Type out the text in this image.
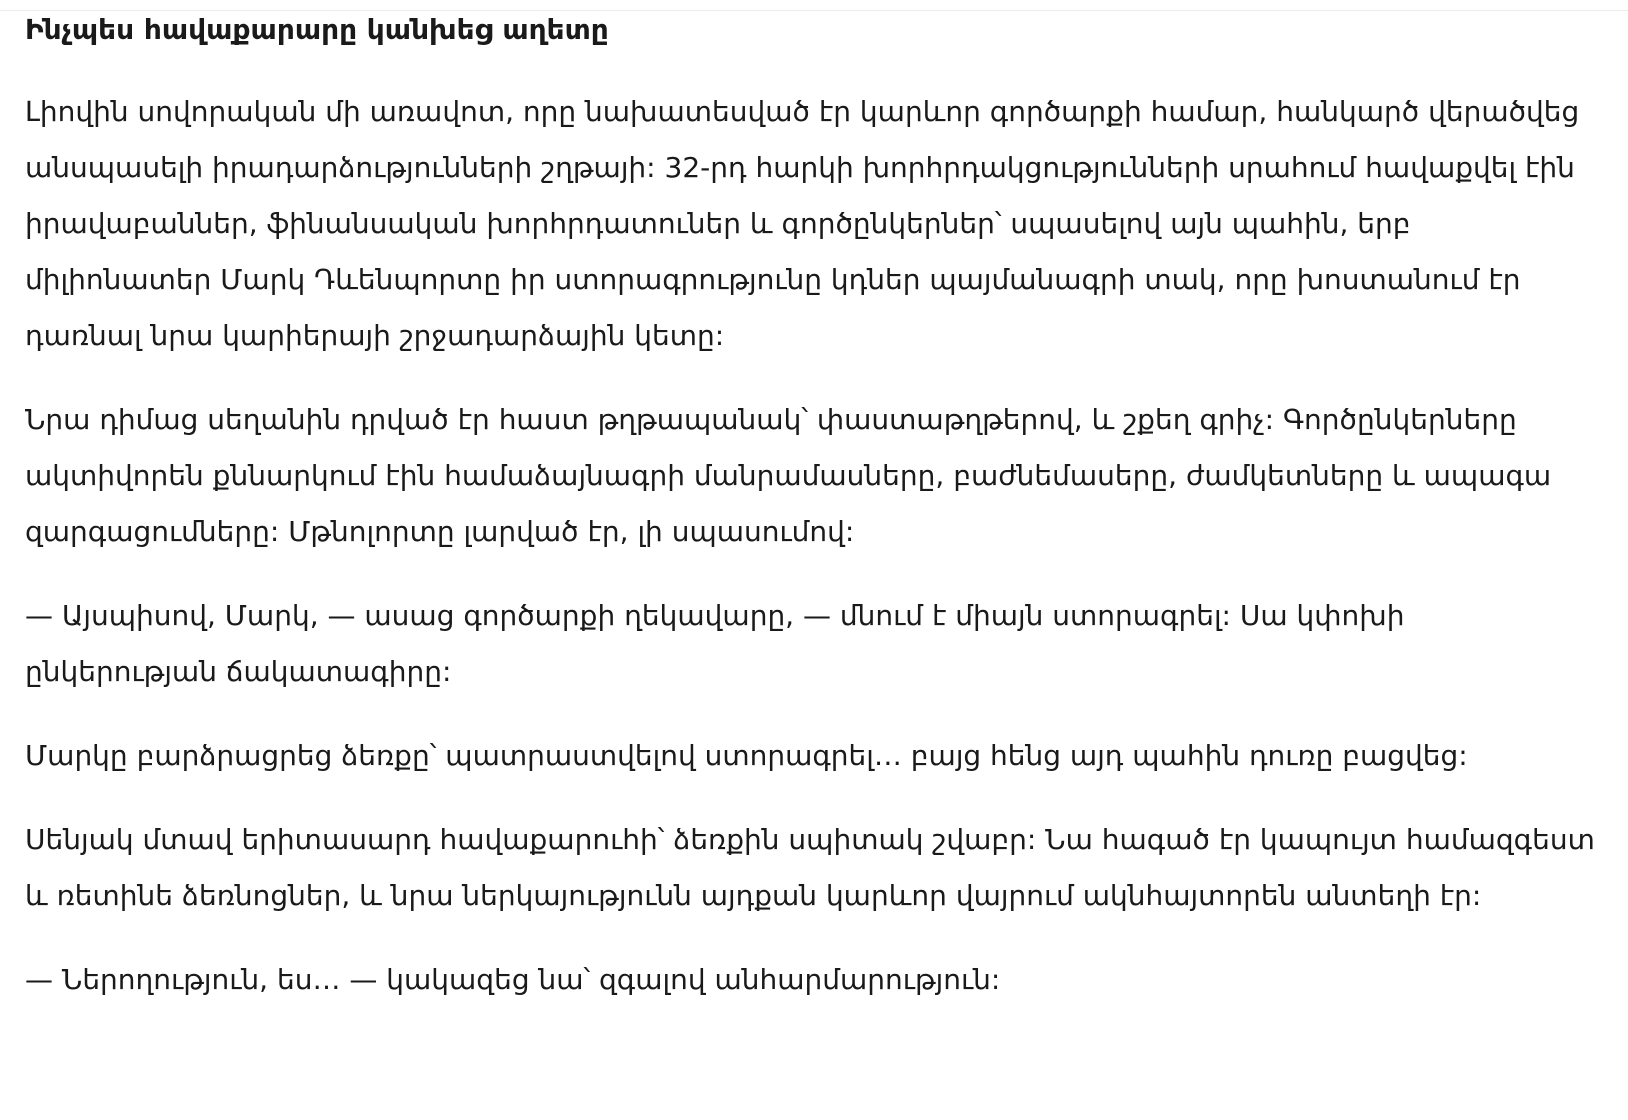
Ինչպես հավաքարարը կանխեց աղետը

Լիովին սովորական մի առավոտ, որը նախատեսված էր կարևոր գործարքի համար, հանկարծ վերածվեց անսպասելի իրադարձությունների շղթայի: 32-րդ հարկի խորհրդակցությունների սրահում հավաքվել էին իրավաբաններ, ֆինանսական խորհրդատուներ և գործընկերներ՝ սպասելով այն պահին, երբ միլիոնատեր Մարկ Դևենպորտը իր ստորագրությունը կդներ պայմանագրի տակ, որը խոստանում էր դառնալ նրա կարիերայի շրջադարձային կետը:

Նրա դիմաց սեղանին դրված էր հաստ թղթապանակ՝ փաստաթղթերով, և շքեղ գրիչ: Գործընկերները ակտիվորեն քննարկում էին համաձայնագրի մանրամասները, բաժնեմասերը, ժամկետները և ապագա զարգացումները: Մթնոլորտը լարված էր, լի սպասումով:

— Այսպիսով, Մարկ, — ասաց գործարքի ղեկավարը, — մնում է միայն ստորագրել: Սա կփոխի ընկերության ճակատագիրը:

Մարկը բարձրացրեց ձեռքը՝ պատրաստվելով ստորագրել… բայց հենց այդ պահին դուռը բացվեց:

Սենյակ մտավ երիտասարդ հավաքարուհի՝ ձեռքին սպիտակ շվաբր: Նա հագած էր կապույտ համազգեստ և ռետինե ձեռնոցներ, և նրա ներկայությունն այդքան կարևոր վայրում ակնհայտորեն անտեղի էր:

— Ներողություն, ես… — կակազեց նա՝ զգալով անհարմարություն:
